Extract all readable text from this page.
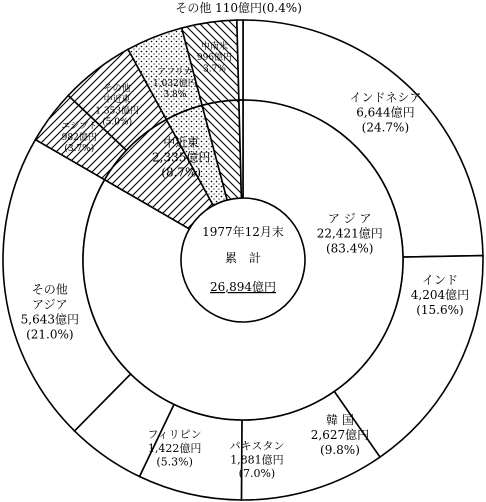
インドネシア 6,644億円(24.7%)
インド 4,204億円(15.6%)
韓 国 2,627億円(9.8%)
パキスタン 1,881億円(7.0%)
フィリピン 1,422億円(5.3%)
その他アジア 5,643億円(21.0%)
エジプト 982億円(3.7%)
その他中近東 1,353億円(5.0%)
アフリカ 1,032億円 3.8%
中南米 996億円 3.7%
その他 110億円(0.4%)
ア ジ ア 22,421億円(83.4%)
中近東 2,335億円(8.7%)
1977年12月末
累　計
26,894億円
